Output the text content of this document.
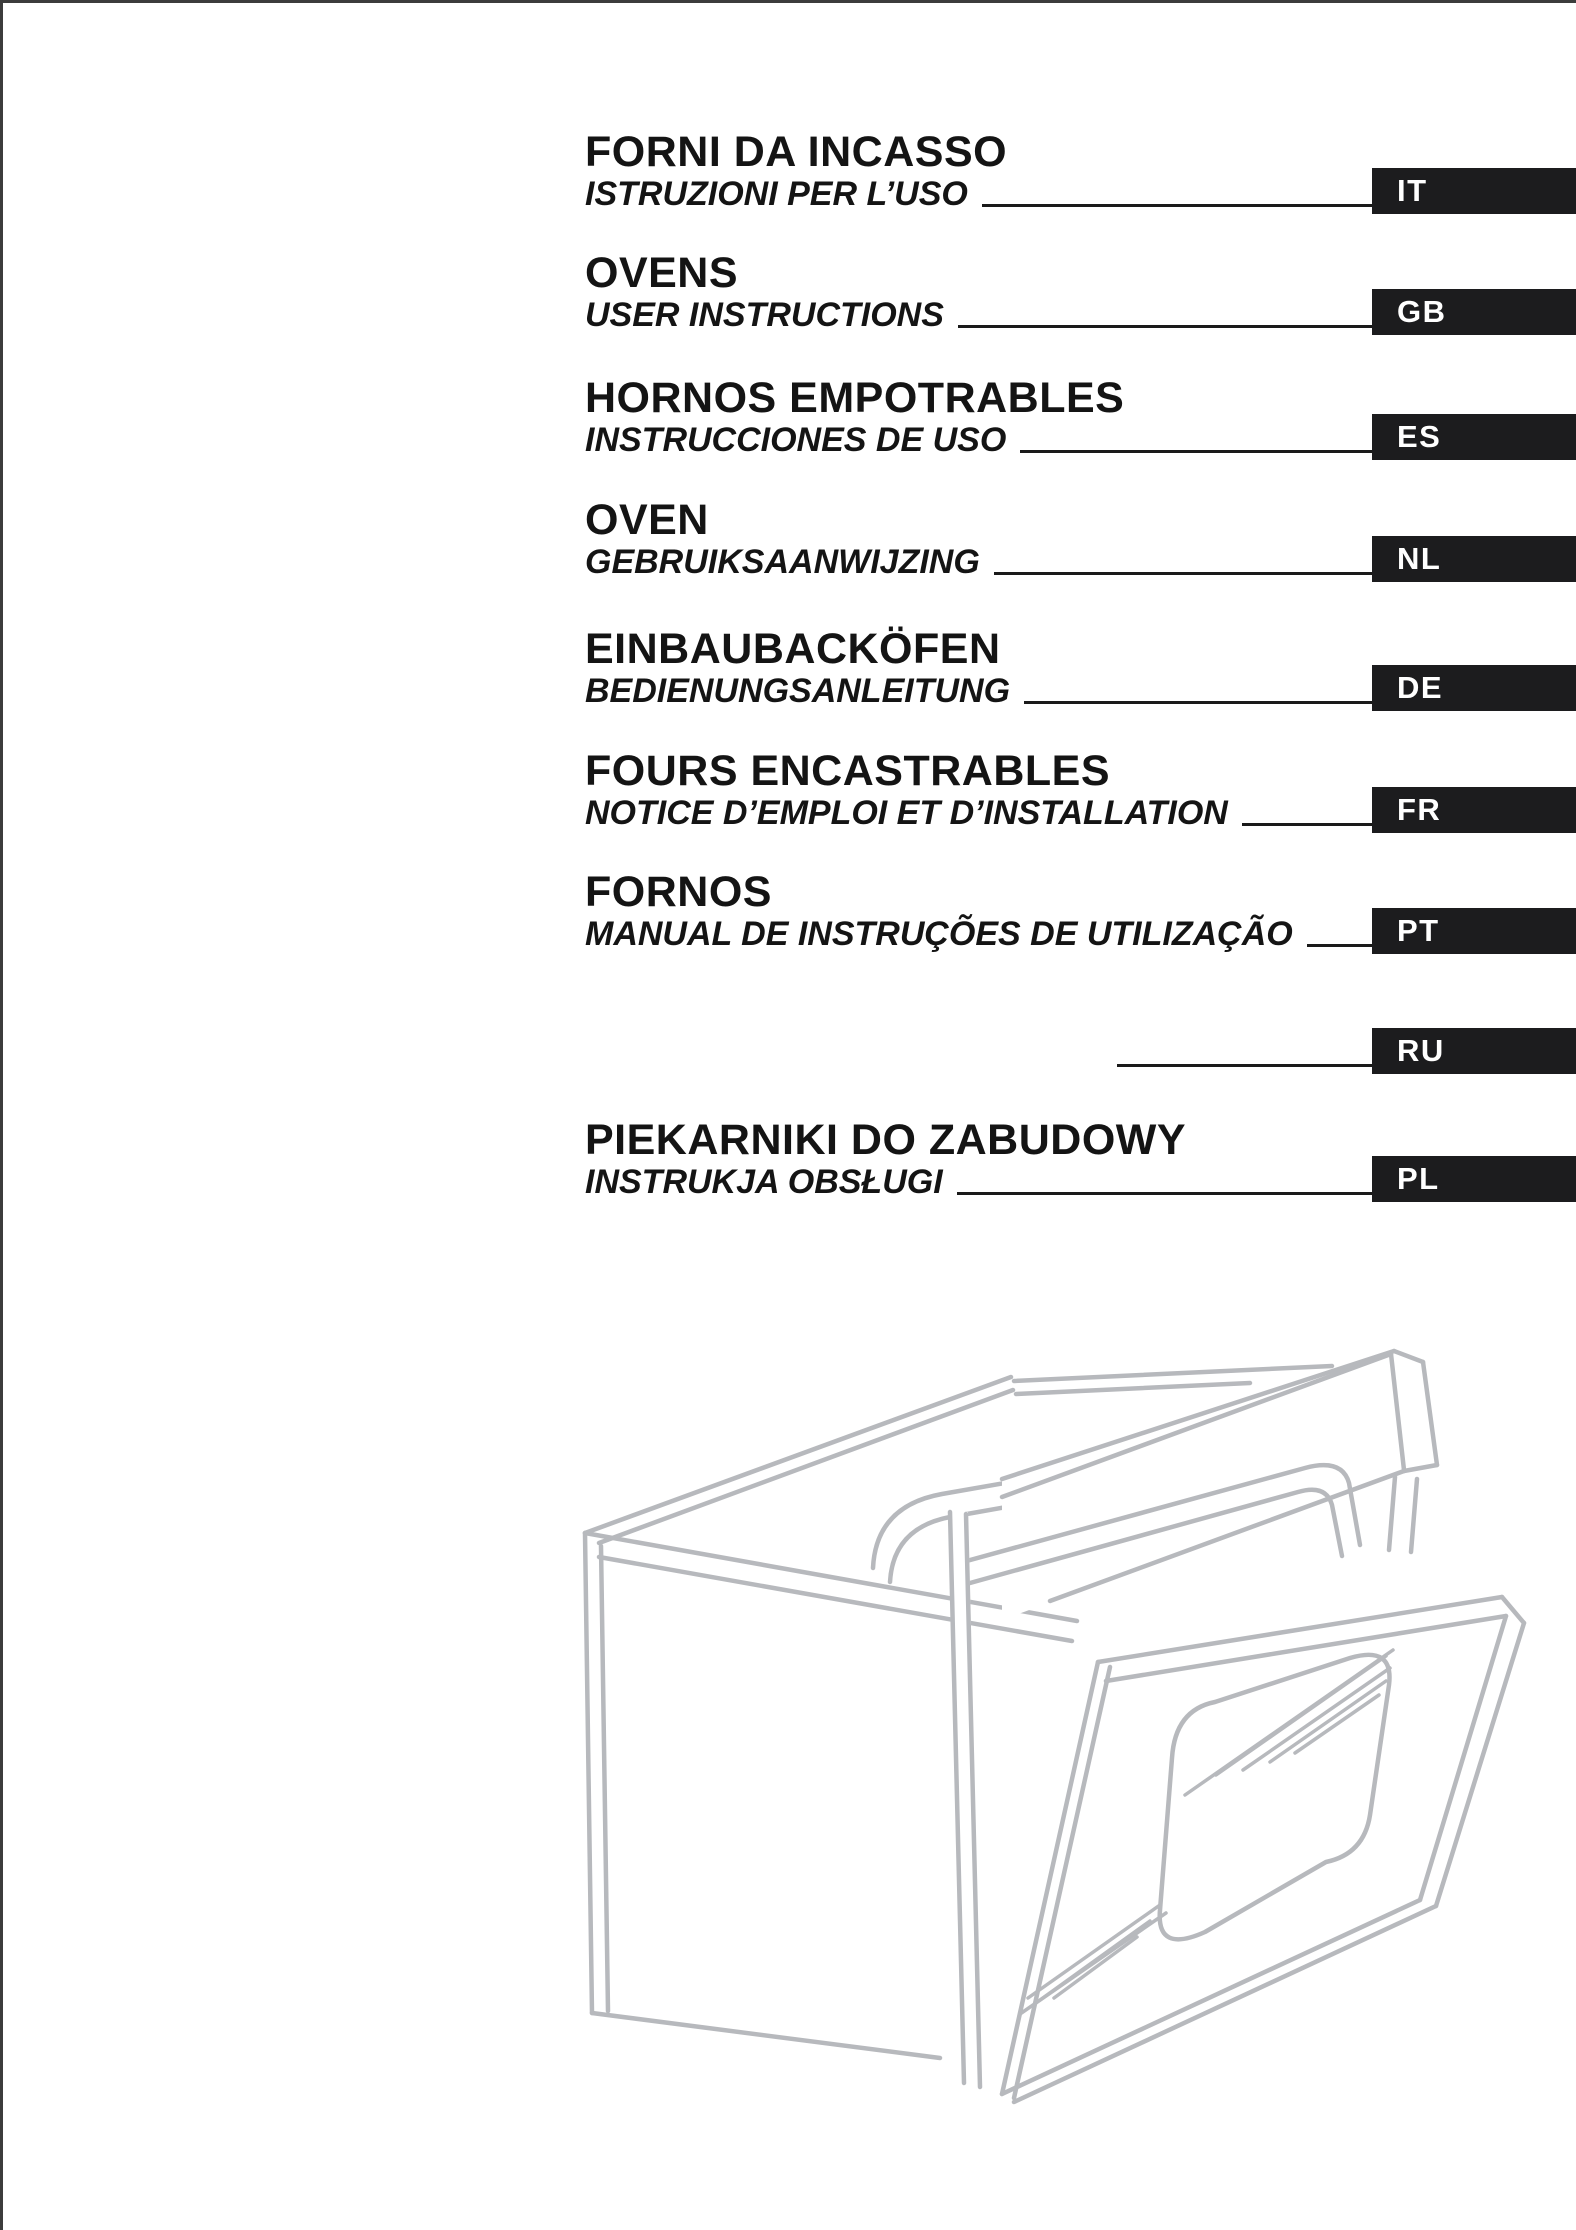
FORNI DA INCASSO
ISTRUZIONI PER L’USO
OVENS
USER INSTRUCTIONS
HORNOS EMPOTRABLES
INSTRUCCIONES DE USO
OVEN
GEBRUIKSAANWIJZING
EINBAUBACKÖFEN
BEDIENUNGSANLEITUNG
FOURS ENCASTRABLES
NOTICE D’EMPLOI ET D’INSTALLATION
FORNOS
MANUAL DE INSTRUÇÕES DE UTILIZAÇÃO
PIEKARNIKI DO ZABUDOWY
INSTRUKJA OBSŁUGI
IT
GB
ES
NL
DE
FR
PT
RU
PL
